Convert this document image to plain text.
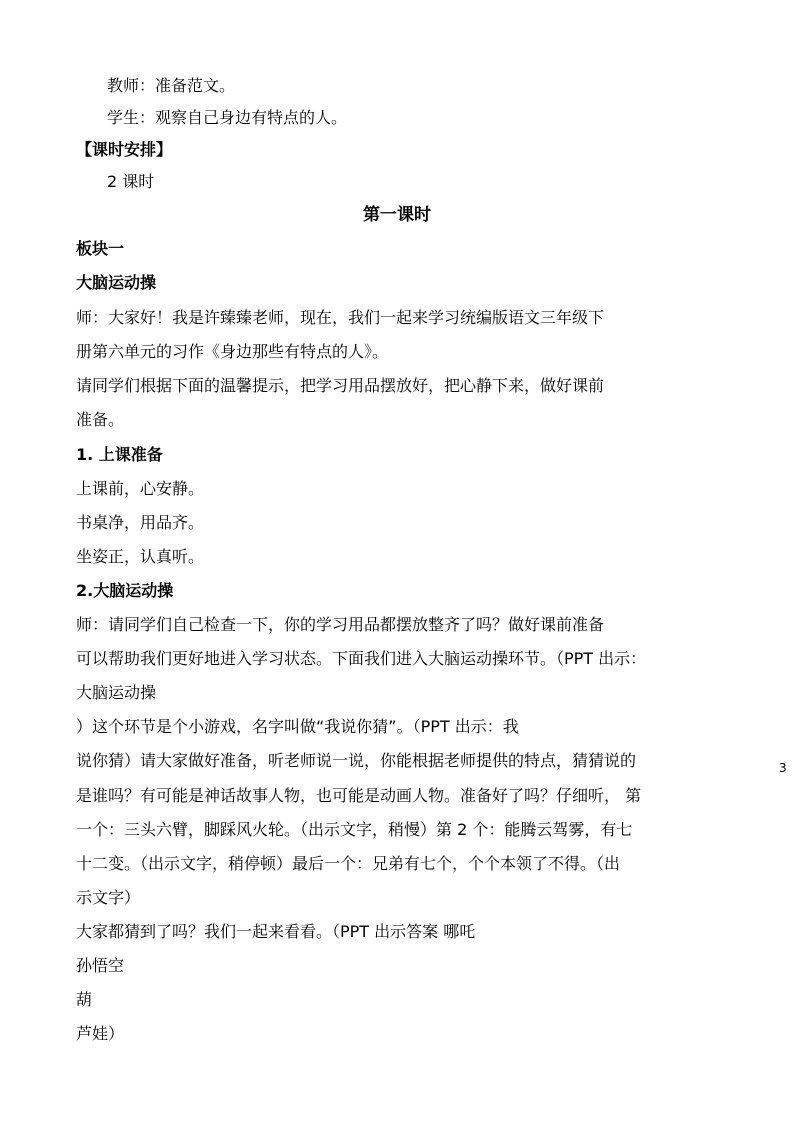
教师：准备范文。
学生：观察自己身边有特点的人。
【课时安排】
2 课时
第一课时
板块一
大脑运动操
师：大家好！我是许臻臻老师，现在，我们一起来学习统编版语文三年级下
册第六单元的习作《身边那些有特点的人》。
请同学们根据下面的温馨提示，把学习用品摆放好，把心静下来，做好课前
准备。
1. 上课准备
上课前，心安静。
书桌净，用品齐。
坐姿正，认真听。
2.大脑运动操
师：请同学们自己检查一下，你的学习用品都摆放整齐了吗？做好课前准备
可以帮助我们更好地进入学习状态。下面我们进入大脑运动操环节。（PPT 出示：
大脑运动操
）这个环节是个小游戏，名字叫做“我说你猜”。（PPT 出示：我
说你猜）请大家做好准备，听老师说一说，你能根据老师提供的特点，猜猜说的
是谁吗？有可能是神话故事人物，也可能是动画人物。准备好了吗？仔细听， 第
一个：三头六臂，脚踩风火轮。（出示文字，稍慢）第 2 个：能腾云驾雾，有七
十二变。（出示文字，稍停顿）最后一个：兄弟有七个，个个本领了不得。（出
示文字）
大家都猜到了吗？我们一起来看看。（PPT 出示答案 哪吒
孙悟空
葫
芦娃）
3
